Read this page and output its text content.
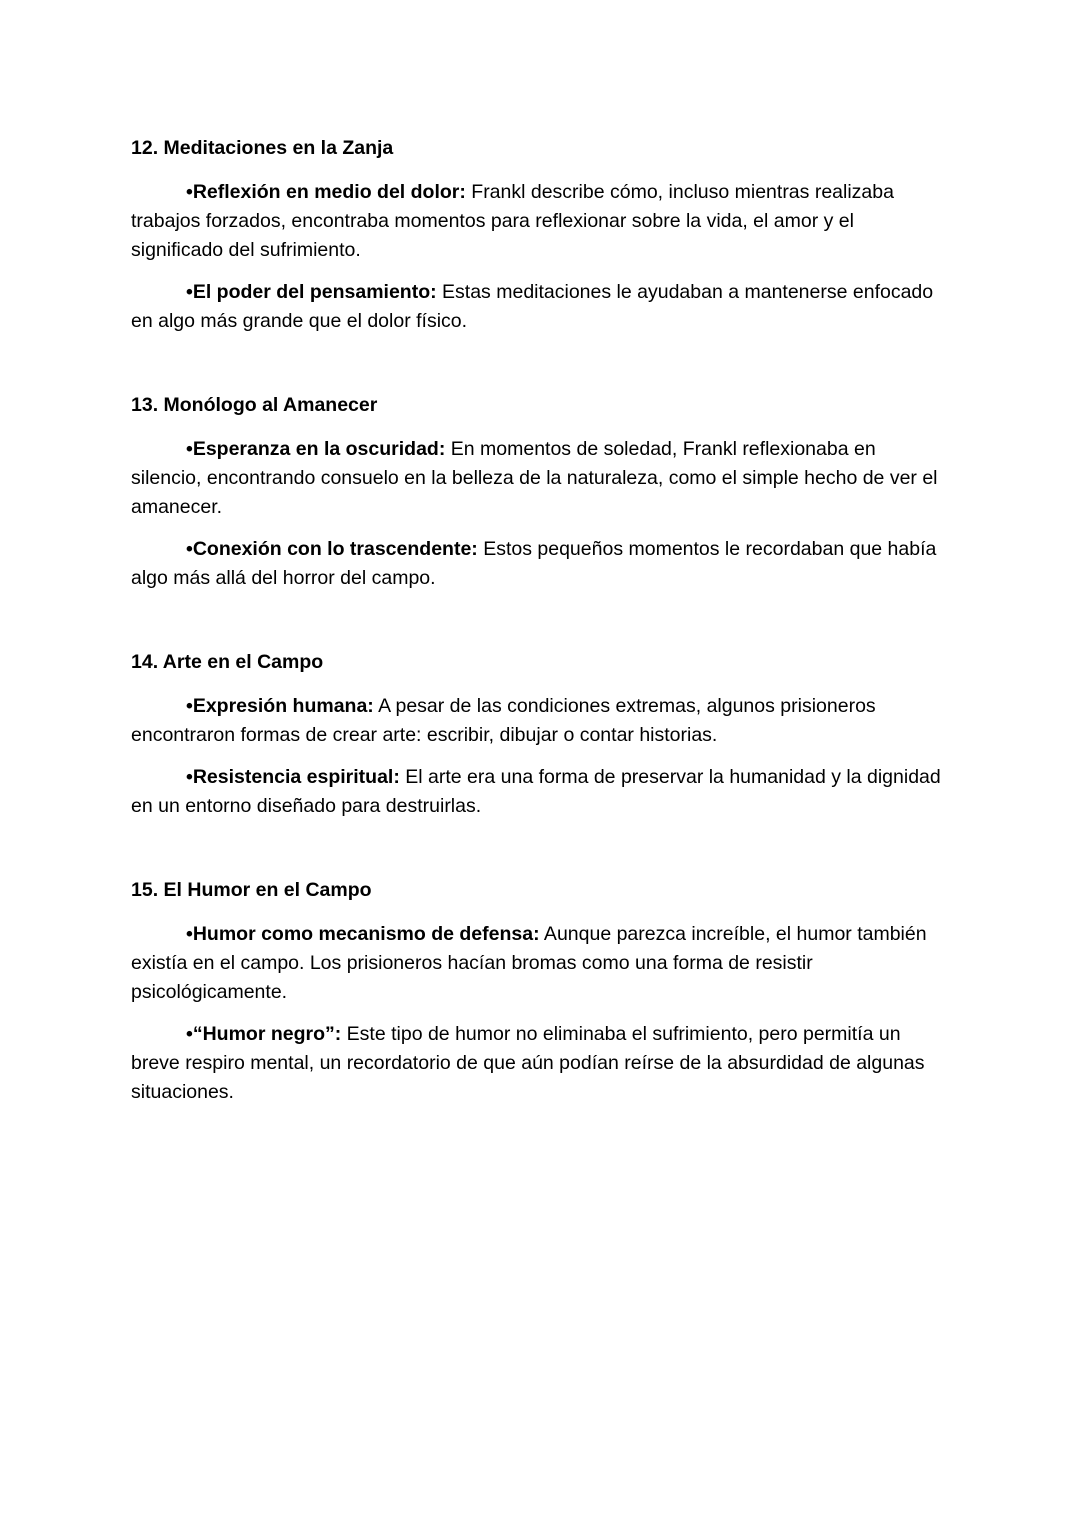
12. Meditaciones en la Zanja

•Reflexión en medio del dolor: Frankl describe cómo, incluso mientras realizaba trabajos forzados, encontraba momentos para reflexionar sobre la vida, el amor y el significado del sufrimiento.

•El poder del pensamiento: Estas meditaciones le ayudaban a mantenerse enfocado en algo más grande que el dolor físico.

13. Monólogo al Amanecer

•Esperanza en la oscuridad: En momentos de soledad, Frankl reflexionaba en silencio, encontrando consuelo en la belleza de la naturaleza, como el simple hecho de ver el amanecer.

•Conexión con lo trascendente: Estos pequeños momentos le recordaban que había algo más allá del horror del campo.

14. Arte en el Campo

•Expresión humana: A pesar de las condiciones extremas, algunos prisioneros encontraron formas de crear arte: escribir, dibujar o contar historias.

•Resistencia espiritual: El arte era una forma de preservar la humanidad y la dignidad en un entorno diseñado para destruirlas.

15. El Humor en el Campo

•Humor como mecanismo de defensa: Aunque parezca increíble, el humor también existía en el campo. Los prisioneros hacían bromas como una forma de resistir psicológicamente.

•“Humor negro”: Este tipo de humor no eliminaba el sufrimiento, pero permitía un breve respiro mental, un recordatorio de que aún podían reírse de la absurdidad de algunas situaciones.
